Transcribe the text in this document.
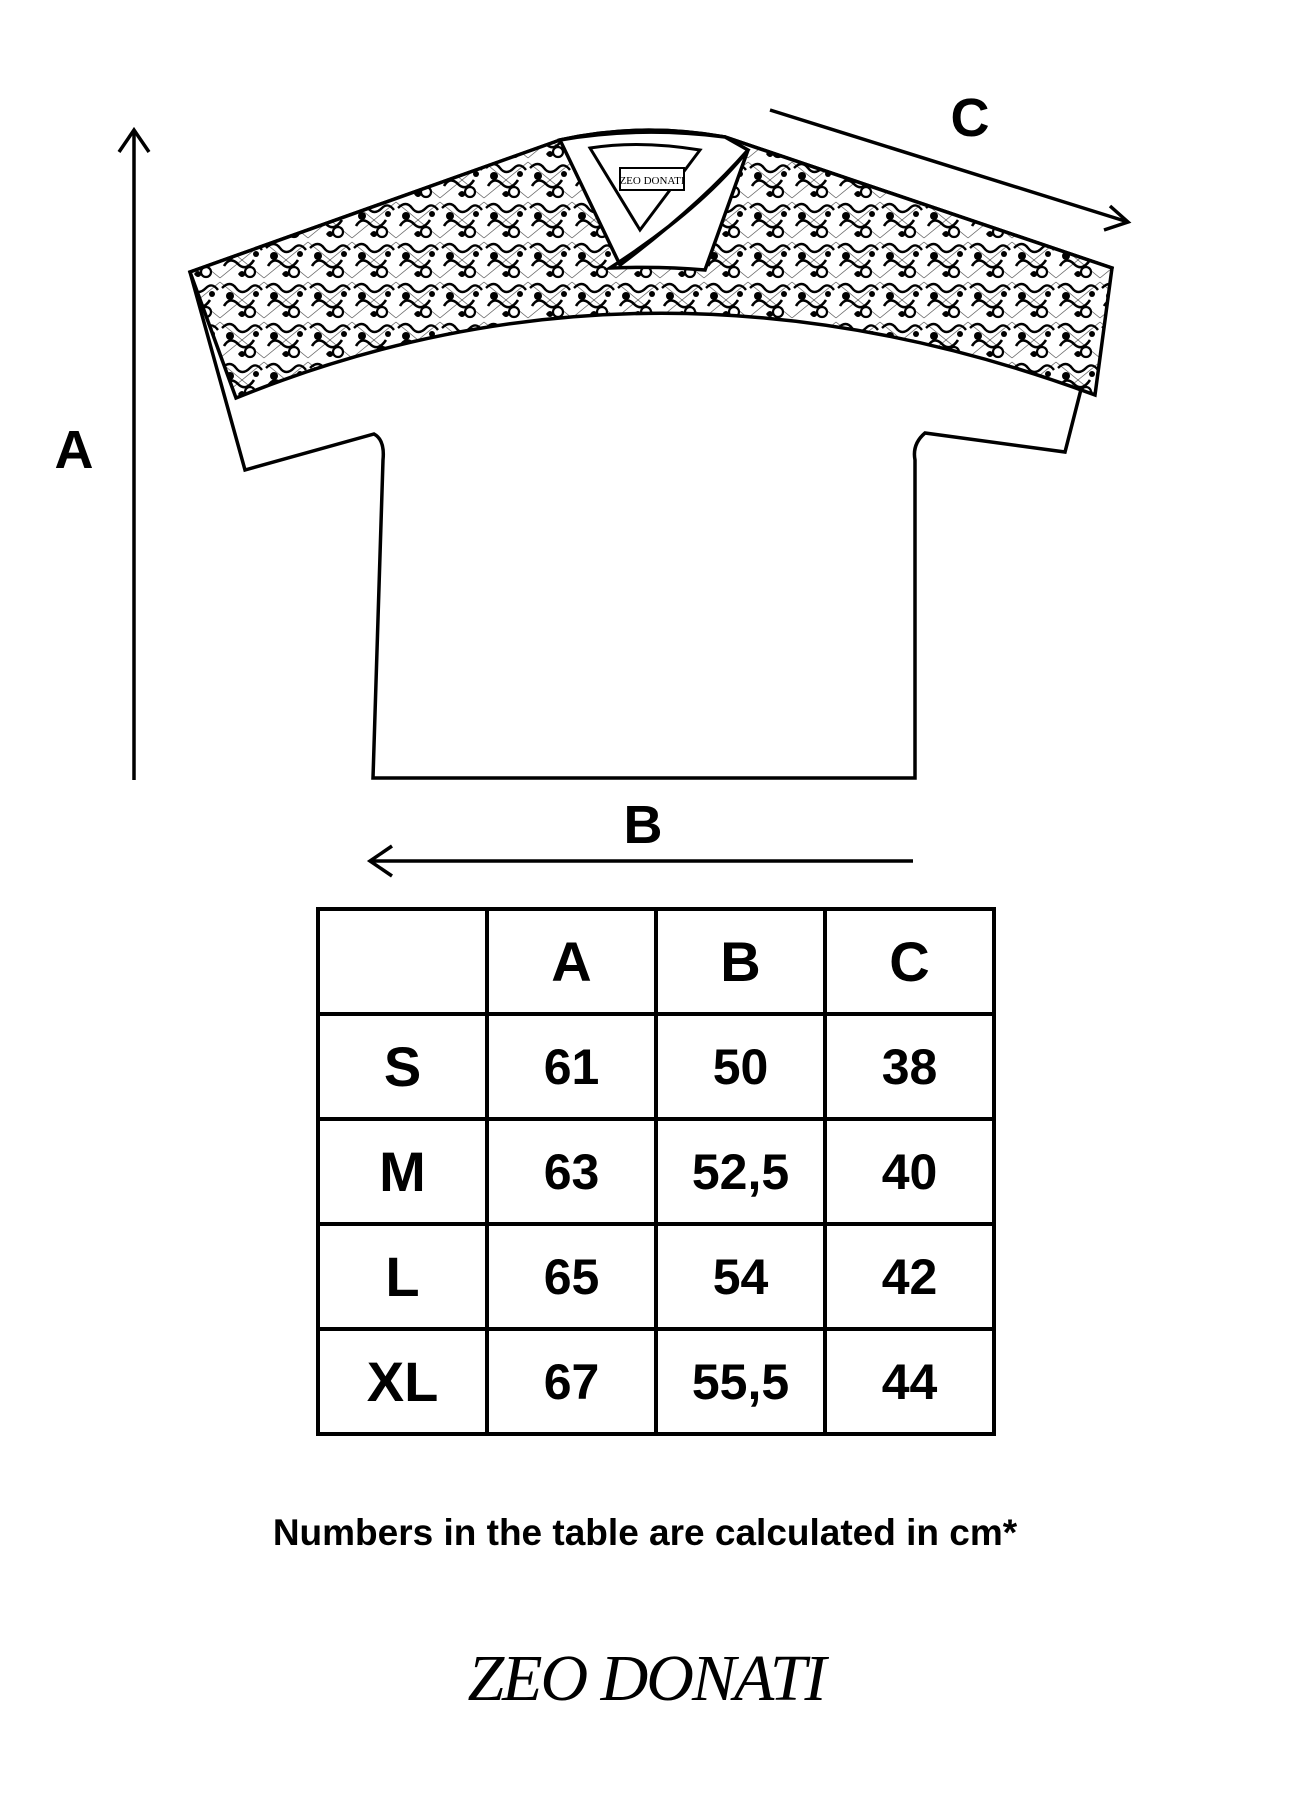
ZEO DONATI
A
C
B
	A	B	C
S	61	50	38
M	63	52,5	40
L	65	54	42
XL	67	55,5	44
Numbers in the table are calculated in cm*
ZEO DONATI
